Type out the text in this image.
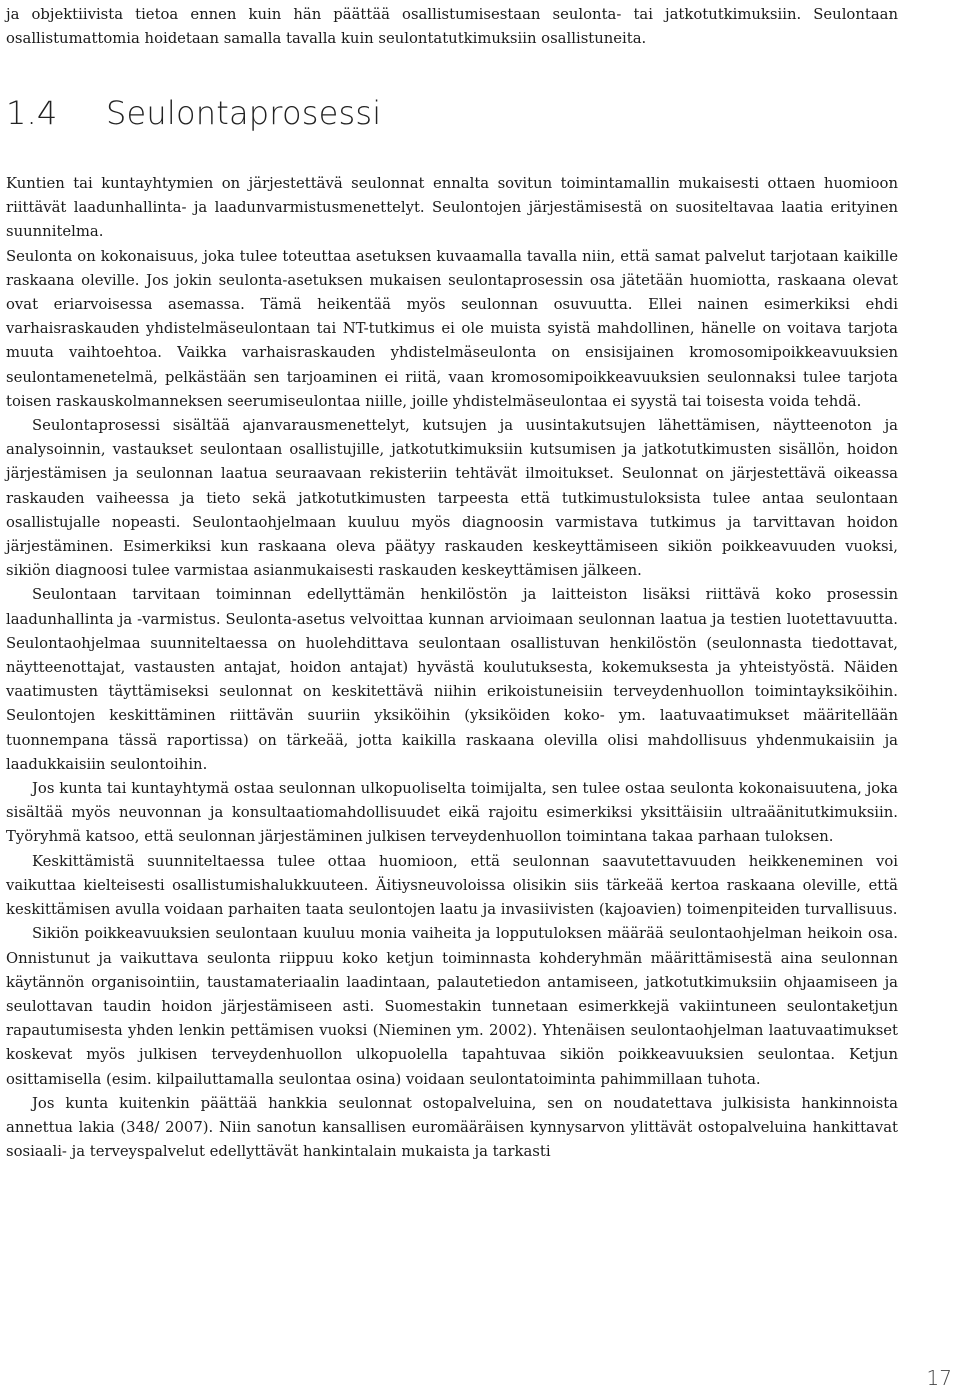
ja objektiivista tietoa ennen kuin hän päättää osallistumisestaan seulonta- tai jatkotutkimuksiin. Seulontaan osallistumattomia hoidetaan samalla tavalla kuin seulontatutkimuksiin osallistuneita.

1.4 Seulontaprosessi

Kuntien tai kuntayhtymien on järjestettävä seulonnat ennalta sovitun toimintamallin mukaisesti ottaen huomioon riittävät laadunhallinta- ja laadunvarmistusmenettelyt. Seulontojen järjestämisestä on suositeltavaa laatia erityinen suunnitelma.

Seulonta on kokonaisuus, joka tulee toteuttaa asetuksen kuvaamalla tavalla niin, että samat palvelut tarjotaan kaikille raskaana oleville. Jos jokin seulonta-asetuksen mukaisen seulontaprosessin osa jätetään huomiotta, raskaana olevat ovat eriarvoisessa asemassa. Tämä heikentää myös seulonnan osuvuutta. Ellei nainen esimerkiksi ehdi varhaisraskauden yhdistelmäseulontaan tai NT-tutkimus ei ole muista syistä mahdollinen, hänelle on voitava tarjota muuta vaihtoehtoa. Vaikka varhaisraskauden yhdistelmäseulonta on ensisijainen kromosomipoikkeavuuksien seulontamenetelmä, pelkästään sen tarjoaminen ei riitä, vaan kromosomipoikkeavuuksien seulonnaksi tulee tarjota toisen raskauskolmanneksen seerumiseulontaa niille, joille yhdistelmäseulontaa ei syystä tai toisesta voida tehdä.

Seulontaprosessi sisältää ajanvarausmenettelyt, kutsujen ja uusintakutsujen lähettämisen, näytteenoton ja analysoinnin, vastaukset seulontaan osallistujille, jatkotutkimuksiin kutsumisen ja jatkotutkimusten sisällön, hoidon järjestämisen ja seulonnan laatua seuraavaan rekisteriin tehtävät ilmoitukset. Seulonnat on järjestettävä oikeassa raskauden vaiheessa ja tieto sekä jatkotutkimusten tarpeesta että tutkimustuloksista tulee antaa seulontaan osallistujalle nopeasti. Seulontaohjelmaan kuuluu myös diagnoosin varmistava tutkimus ja tarvittavan hoidon järjestäminen. Esimerkiksi kun raskaana oleva päätyy raskauden keskeyttämiseen sikiön poikkeavuuden vuoksi, sikiön diagnoosi tulee varmistaa asianmukaisesti raskauden keskeyttämisen jälkeen.

Seulontaan tarvitaan toiminnan edellyttämän henkilöstön ja laitteiston lisäksi riittävä koko prosessin laadunhallinta ja -varmistus. Seulonta-asetus velvoittaa kunnan arvioimaan seulonnan laatua ja testien luotettavuutta. Seulontaohjelmaa suunniteltaessa on huolehdittava seulontaan osallistuvan henkilöstön (seulonnasta tiedottavat, näytteenottajat, vastausten antajat, hoidon antajat) hyvästä koulutuksesta, kokemuksesta ja yhteistyöstä. Näiden vaatimusten täyttämiseksi seulonnat on keskitettävä niihin erikoistuneisiin terveydenhuollon toimintayksiköihin. Seulontojen keskittäminen riittävän suuriin yksiköihin (yksiköiden koko- ym. laatuvaatimukset määritellään tuonnempana tässä raportissa) on tärkeää, jotta kaikilla raskaana olevilla olisi mahdollisuus yhdenmukaisiin ja laadukkaisiin seulontoihin.

Jos kunta tai kuntayhtymä ostaa seulonnan ulkopuoliselta toimijalta, sen tulee ostaa seulonta kokonaisuutena, joka sisältää myös neuvonnan ja konsultaatiomahdollisuudet eikä rajoitu esimerkiksi yksittäisiin ultraäänitutkimuksiin. Työryhmä katsoo, että seulonnan järjestäminen julkisen terveydenhuollon toimintana takaa parhaan tuloksen.

Keskittämistä suunniteltaessa tulee ottaa huomioon, että seulonnan saavutettavuuden heikkeneminen voi vaikuttaa kielteisesti osallistumishalukkuuteen. Äitiysneuvoloissa olisikin siis tärkeää kertoa raskaana oleville, että keskittämisen avulla voidaan parhaiten taata seulontojen laatu ja invasiivisten (kajoavien) toimenpiteiden turvallisuus.

Sikiön poikkeavuuksien seulontaan kuuluu monia vaiheita ja lopputuloksen määrää seulontaohjelman heikoin osa. Onnistunut ja vaikuttava seulonta riippuu koko ketjun toiminnasta kohderyhmän määrittämisestä aina seulonnan käytännön organisointiin, taustamateriaalin laadintaan, palautetiedon antamiseen, jatkotutkimuksiin ohjaamiseen ja seulottavan taudin hoidon järjestämiseen asti. Suomestakin tunnetaan esimerkkejä vakiintuneen seulontaketjun rapautumisesta yhden lenkin pettämisen vuoksi (Nieminen ym. 2002). Yhtenäisen seulontaohjelman laatuvaatimukset koskevat myös julkisen terveydenhuollon ulkopuolella tapahtuvaa sikiön poikkeavuuksien seulontaa. Ketjun osittamisella (esim. kilpailuttamalla seulontaa osina) voidaan seulontatoiminta pahimmillaan tuhota.

Jos kunta kuitenkin päättää hankkia seulonnat ostopalveluina, sen on noudatettava julkisista hankinnoista annettua lakia (348/ 2007). Niin sanotun kansallisen euromääräisen kynnysarvon ylittävät ostopalveluina hankittavat sosiaali- ja terveyspalvelut edellyttävät hankintalain mukaista ja tarkasti

17
